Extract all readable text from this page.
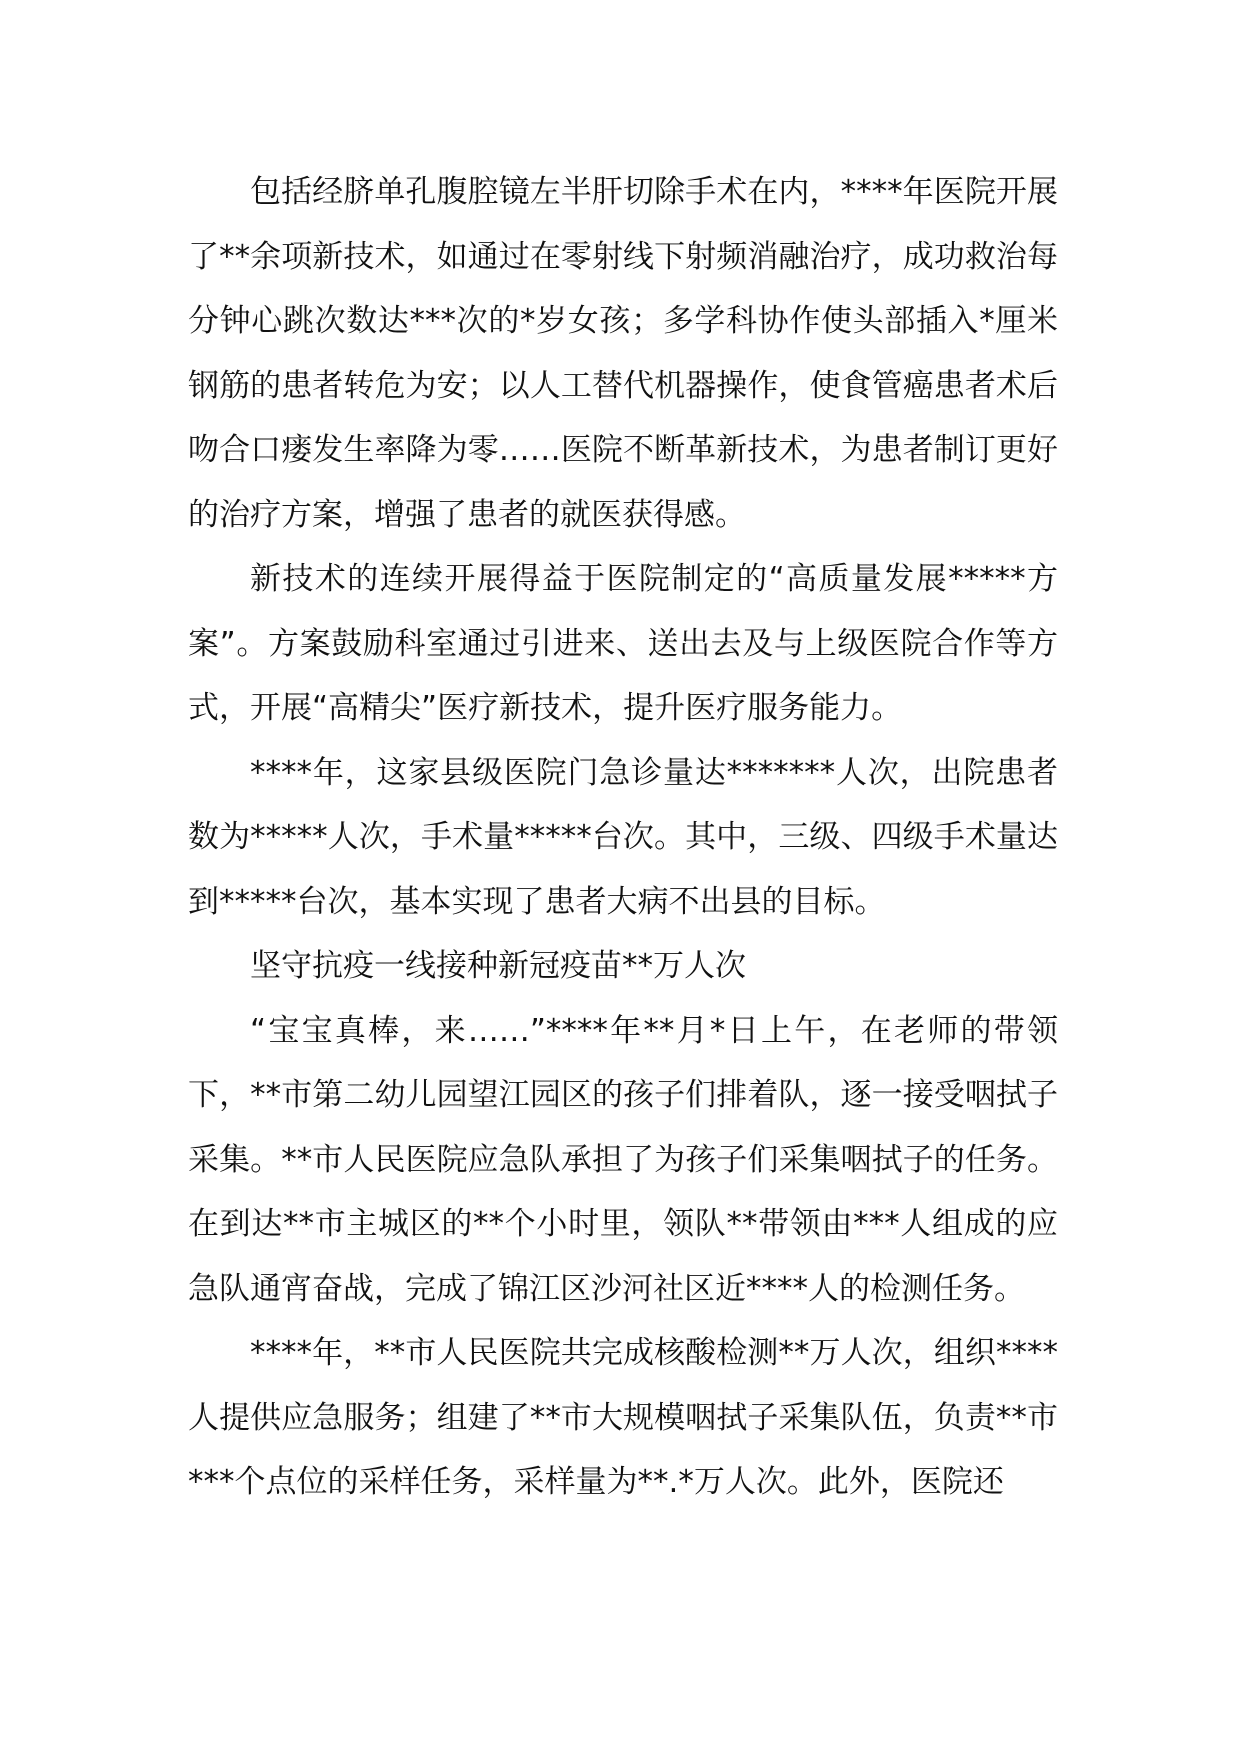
包括经脐单孔腹腔镜左半肝切除手术在内，****年医院开展了**余项新技术，如通过在零射线下射频消融治疗，成功救治每分钟心跳次数达***次的*岁女孩；多学科协作使头部插入*厘米钢筋的患者转危为安；以人工替代机器操作，使食管癌患者术后吻合口瘘发生率降为零……医院不断革新技术，为患者制订更好的治疗方案，增强了患者的就医获得感。

新技术的连续开展得益于医院制定的“高质量发展*****方案”。方案鼓励科室通过引进来、送出去及与上级医院合作等方式，开展“高精尖”医疗新技术，提升医疗服务能力。

****年，这家县级医院门急诊量达*******人次，出院患者数为*****人次，手术量*****台次。其中，三级、四级手术量达到*****台次，基本实现了患者大病不出县的目标。

坚守抗疫一线接种新冠疫苗**万人次

“宝宝真棒，来……”****年**月*日上午，在老师的带领下，**市第二幼儿园望江园区的孩子们排着队，逐一接受咽拭子采集。**市人民医院应急队承担了为孩子们采集咽拭子的任务。在到达**市主城区的**个小时里，领队**带领由***人组成的应急队通宵奋战，完成了锦江区沙河社区近****人的检测任务。

****年，**市人民医院共完成核酸检测**万人次，组织****人提供应急服务；组建了**市大规模咽拭子采集队伍，负责**市***个点位的采样任务，采样量为**.*万人次。此外，医院还
